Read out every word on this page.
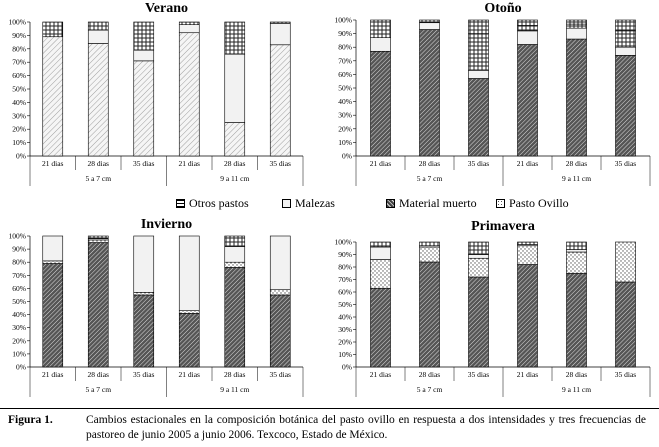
Verano
0%
10%
20%
30%
40%
50%
60%
70%
80%
90%
100%
21 dias	28 dias	35 dias	21 dias	28 dias	35 dias
5 a 7 cm	9 a 11 cm
Otoño
0%
10%
20%
30%
40%
50%
60%
70%
80%
90%
100%
21 dias	28 dias	35 dias	21 dias	28 dias	35 dias
5 a 7 cm	9 a 11 cm
Invierno
0%
10%
20%
30%
40%
50%
60%
70%
80%
90%
100%
21 dias	28 dias	35 dias	21 dias	28 dias	35 dias
5 a 7 cm	9 a 11 cm
Primavera
0%
10%
20%
30%
40%
50%
60%
70%
80%
90%
100%
21 dias	28 dias	35 dias	21 dias	28 dias	35 dias
5 a 7 cm	9 a 11 cm
Otros pastos	Malezas	Material muerto	Pasto Ovillo
Figura 1.	Cambios estacionales en la composición botánica del pasto ovillo en respuesta a dos intensidades y tres frecuencias de pastoreo de junio 2005 a junio 2006. Texcoco, Estado de México.
